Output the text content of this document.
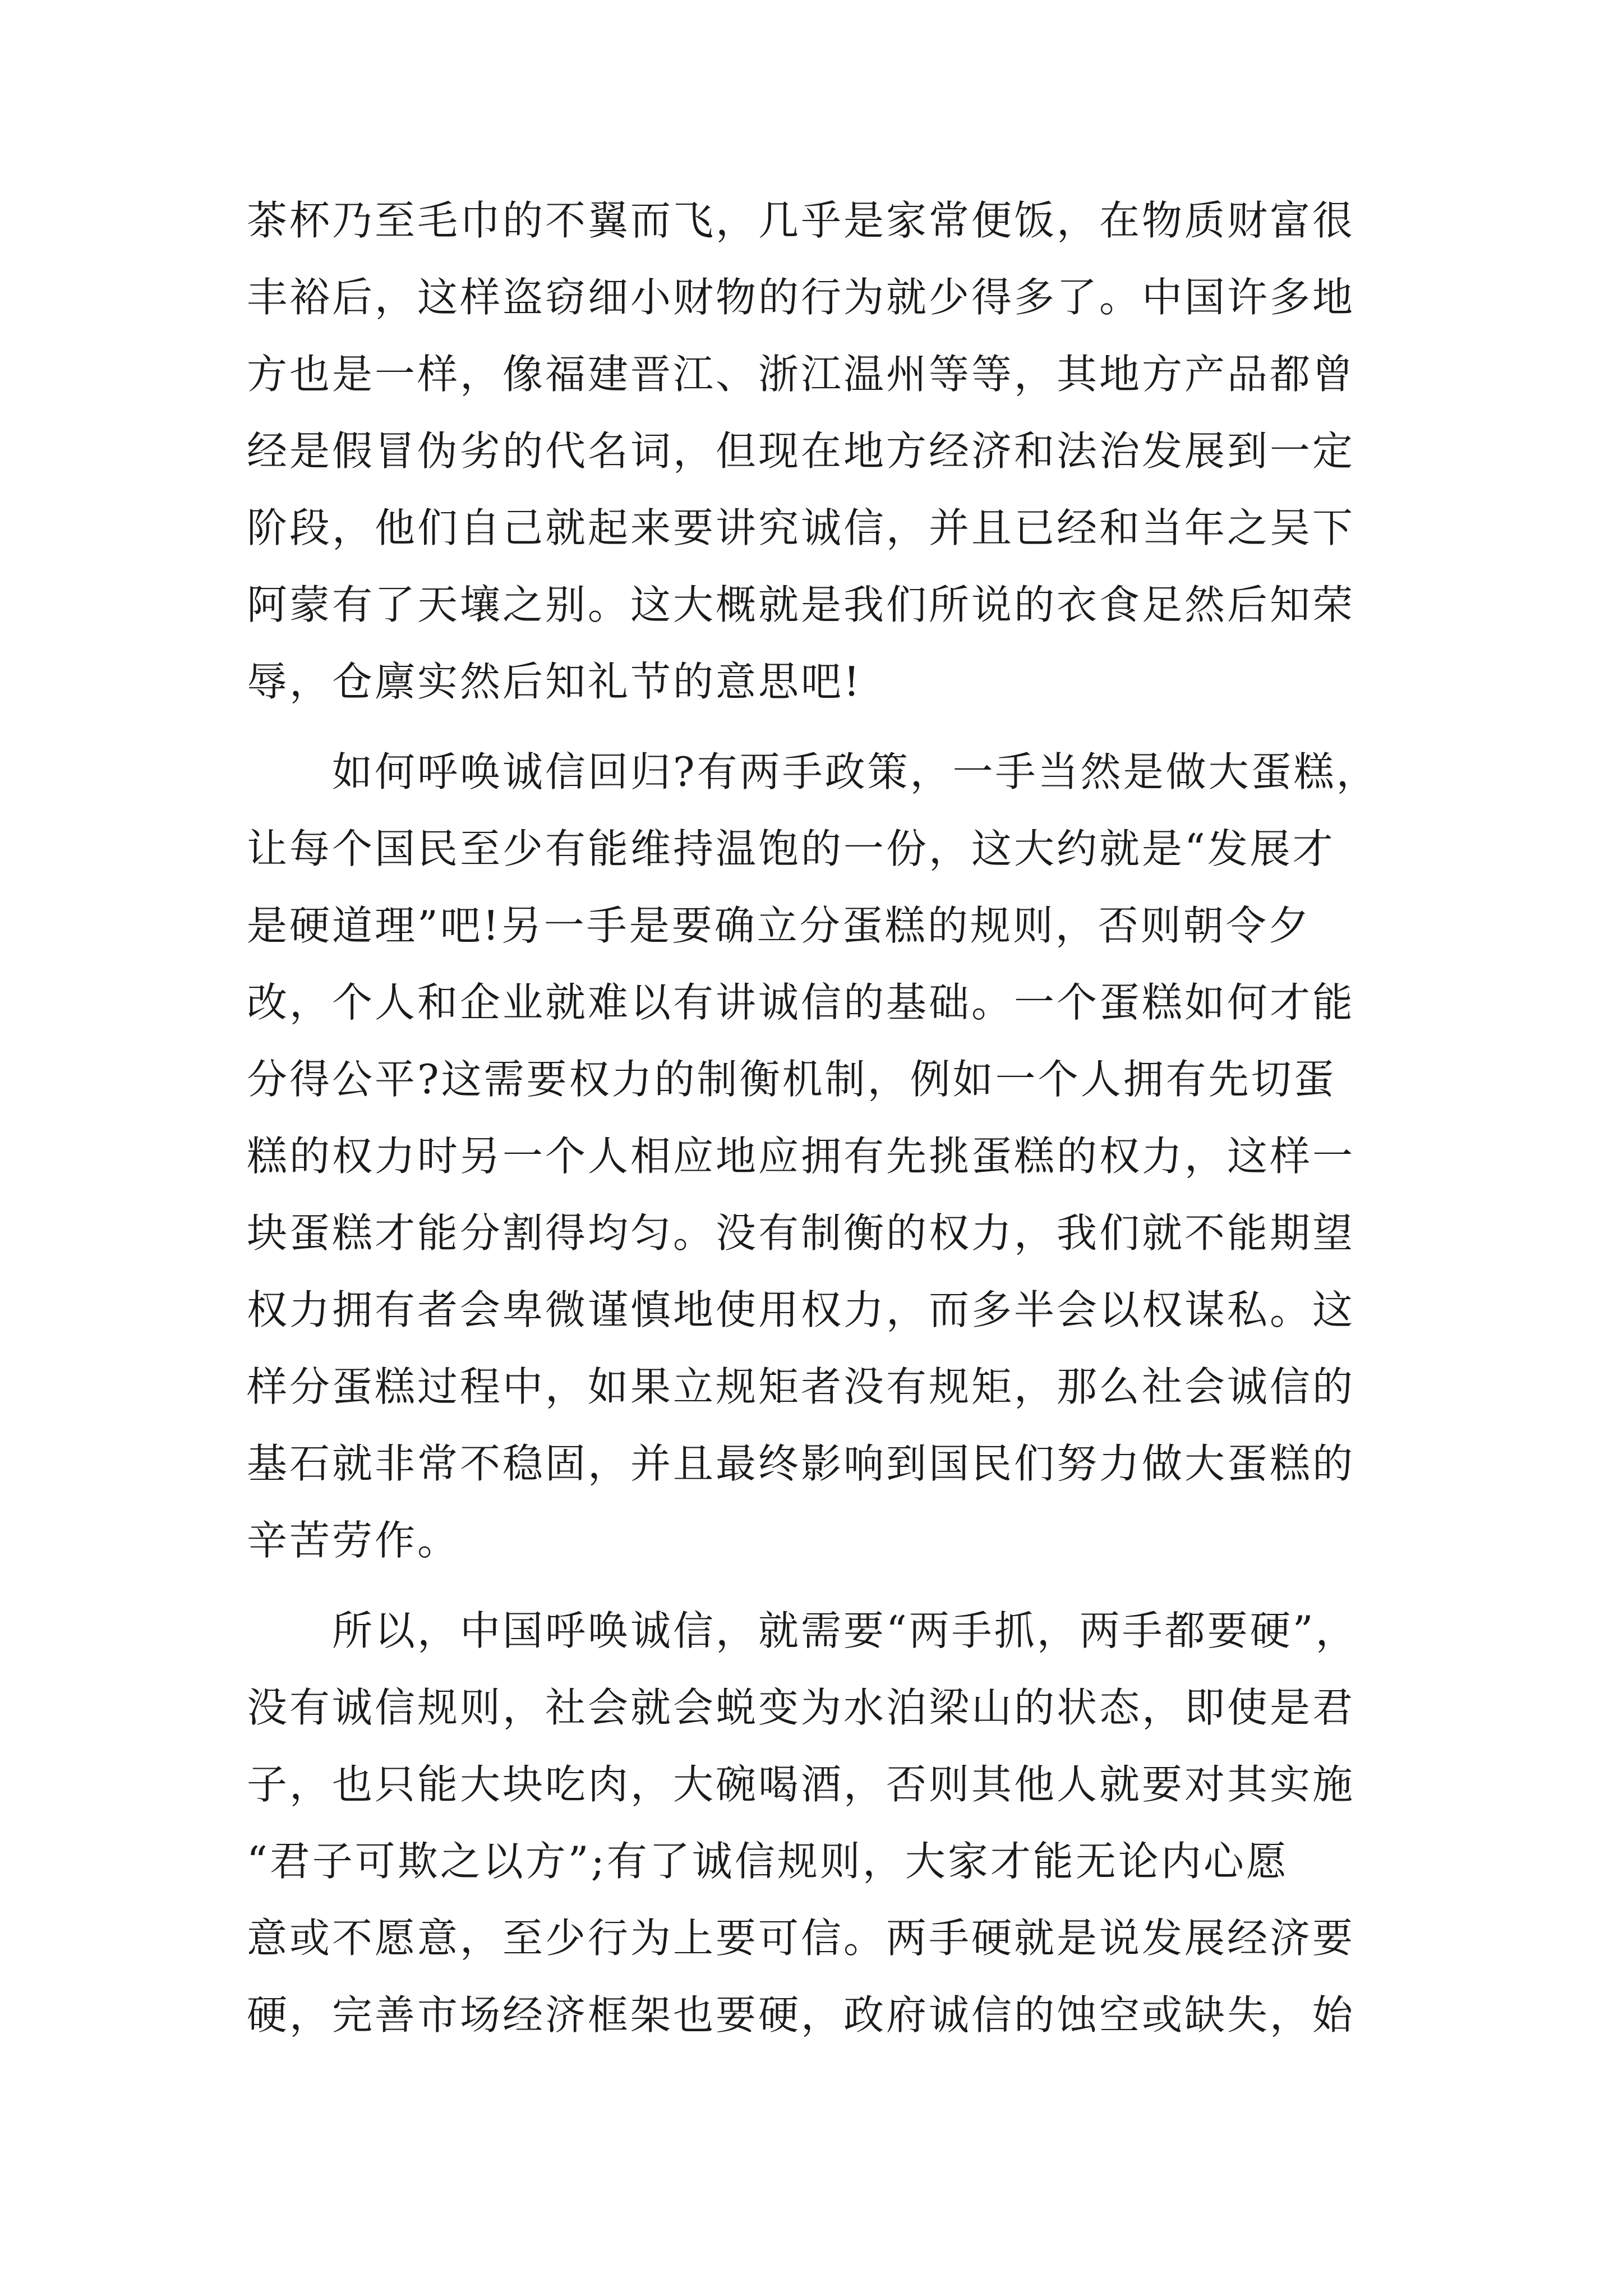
茶杯乃至毛巾的不翼而飞，几乎是家常便饭，在物质财富很
丰裕后，这样盗窃细小财物的行为就少得多了。中国许多地
方也是一样，像福建晋江、浙江温州等等，其地方产品都曾
经是假冒伪劣的代名词，但现在地方经济和法治发展到一定
阶段，他们自己就起来要讲究诚信，并且已经和当年之吴下
阿蒙有了天壤之别。这大概就是我们所说的衣食足然后知荣
辱，仓廪实然后知礼节的意思吧!
　　如何呼唤诚信回归?有两手政策，一手当然是做大蛋糕，
让每个国民至少有能维持温饱的一份，这大约就是“发展才
是硬道理”吧!另一手是要确立分蛋糕的规则，否则朝令夕
改，个人和企业就难以有讲诚信的基础。一个蛋糕如何才能
分得公平?这需要权力的制衡机制，例如一个人拥有先切蛋
糕的权力时另一个人相应地应拥有先挑蛋糕的权力，这样一
块蛋糕才能分割得均匀。没有制衡的权力，我们就不能期望
权力拥有者会卑微谨慎地使用权力，而多半会以权谋私。这
样分蛋糕过程中，如果立规矩者没有规矩，那么社会诚信的
基石就非常不稳固，并且最终影响到国民们努力做大蛋糕的
辛苦劳作。
　　所以，中国呼唤诚信，就需要“两手抓，两手都要硬”，
没有诚信规则，社会就会蜕变为水泊梁山的状态，即使是君
子，也只能大块吃肉，大碗喝酒，否则其他人就要对其实施
“君子可欺之以方”;有了诚信规则，大家才能无论内心愿
意或不愿意，至少行为上要可信。两手硬就是说发展经济要
硬，完善市场经济框架也要硬，政府诚信的蚀空或缺失，始
